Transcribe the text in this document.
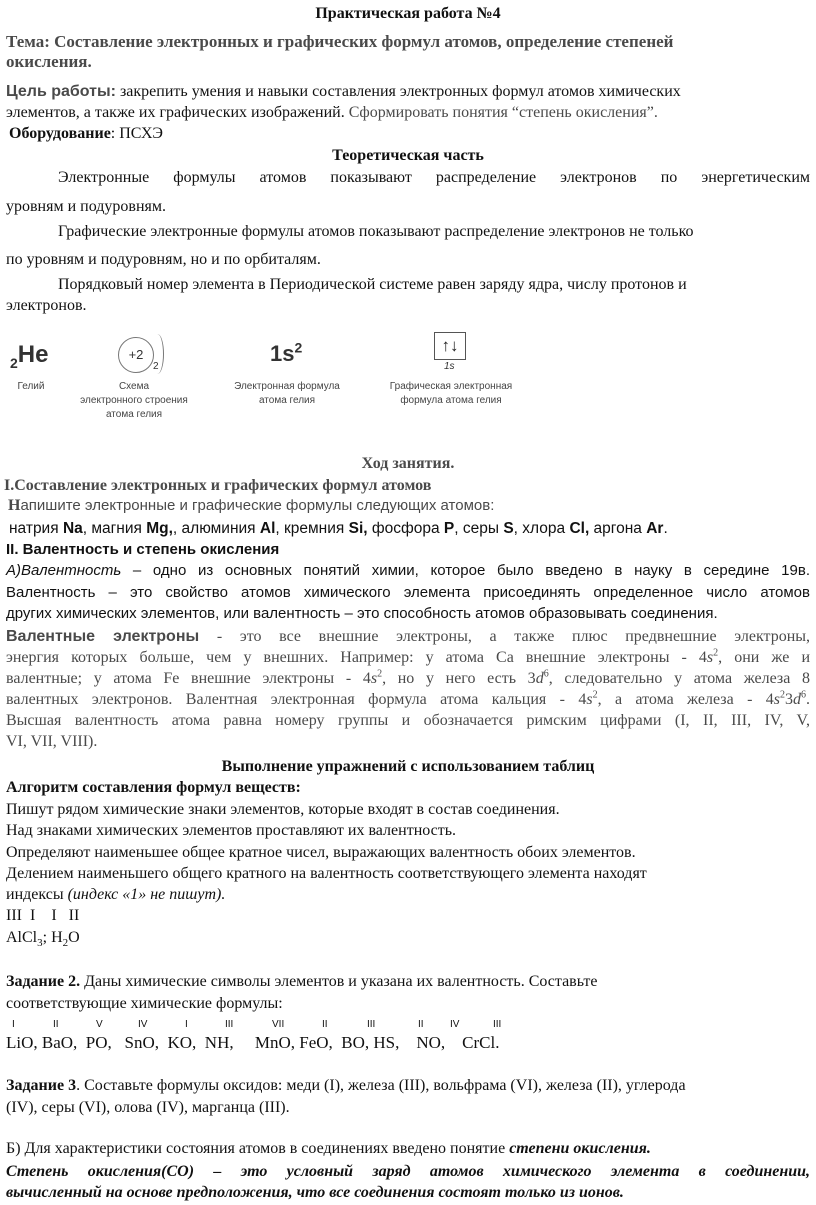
Практическая работа №4
Тема: Составление электронных и графических формул атомов, определение степеней
окисления.
Цель работы: закрепить умения и навыки составления электронных формул атомов химических
элементов, а также их графических изображений. Сформировать понятия “степень окисления”.
Оборудование: ПСХЭ
Теоретическая часть
Электронные формулы атомов показывают распределение электронов по энергетическим
уровням и подуровням.
Графические электронные формулы атомов показывают распределение электронов не только
по уровням и подуровням, но и по орбиталям.
Порядковый номер элемента в Периодической системе равен заряду ядра, числу протонов и
электронов.
2He
Гелий
+2
2
Схема
электронного строения
атома гелия
$1s^2$
Электронная формула
атома гелия
↑↓
1s
Графическая электронная
формула атома гелия
Ход занятия.
I.Составление электронных и графических формул атомов
Напишите электронные и графические формулы следующих атомов:
натрия Na, магния Mg,, алюминия Al, кремния Si, фосфора P, серы S, хлора Cl, аргона Ar.
II. Валентность и степень окисления
А)Валентность – одно из основных понятий химии, которое было введено в науку в середине 19в.
Валентность – это свойство атомов химического элемента присоединять определенное число атомов
других химических элементов, или валентность – это способность атомов образовывать соединения.
Валентные электроны - это все внешние электроны, а также плюс предвнешние электроны,
энергия которых больше, чем у внешних. Например: у атома Са внешние электроны - $4s^2$, они же и
валентные; у атома Fe внешние электроны - $4s^2$, но у него есть $3d^6$, следовательно у атома железа 8
валентных электронов. Валентная электронная формула атома кальция - $4s^2$, а атома железа - $4s^23d^6$.
Высшая валентность атома равна номеру группы и обозначается римским цифрами (I, II, III, IV, V,
VI, VII, VIII).
Выполнение упражнений с использованием таблиц
Алгоритм составления формул веществ:
Пишут рядом химические знаки элементов, которые входят в состав соединения.
Над знаками химических элементов проставляют их валентность.
Определяют наименьшее общее кратное чисел, выражающих валентность обоих элементов.
Делением наименьшего общего кратного на валентность соответствующего элемента находят
индексы (индекс «1» не пишут).
III  I    I   II
AlCl$_3$; $H_2O$
Задание 2. Даны химические символы элементов и указана их валентность. Составьте
соответствующие химические формулы:
I	II	V	IV	I	III	VII	II	III	II	IV	III
LiO, BaO,  PO,   SnO,  KO,  NH,     MnO, FeO,  BO, HS,    NO,    CrCl.
Задание 3. Составьте формулы оксидов: меди (I), железа (III), вольфрама (VI), железа (II), углерода
(IV), серы (VI), олова (IV), марганца (III).
Б) Для характеристики состояния атомов в соединениях введено понятие степени окисления.
Степень окисления(СО) – это условный заряд атомов химического элемента в соединении,
вычисленный на основе предположения, что все соединения состоят только из ионов.
